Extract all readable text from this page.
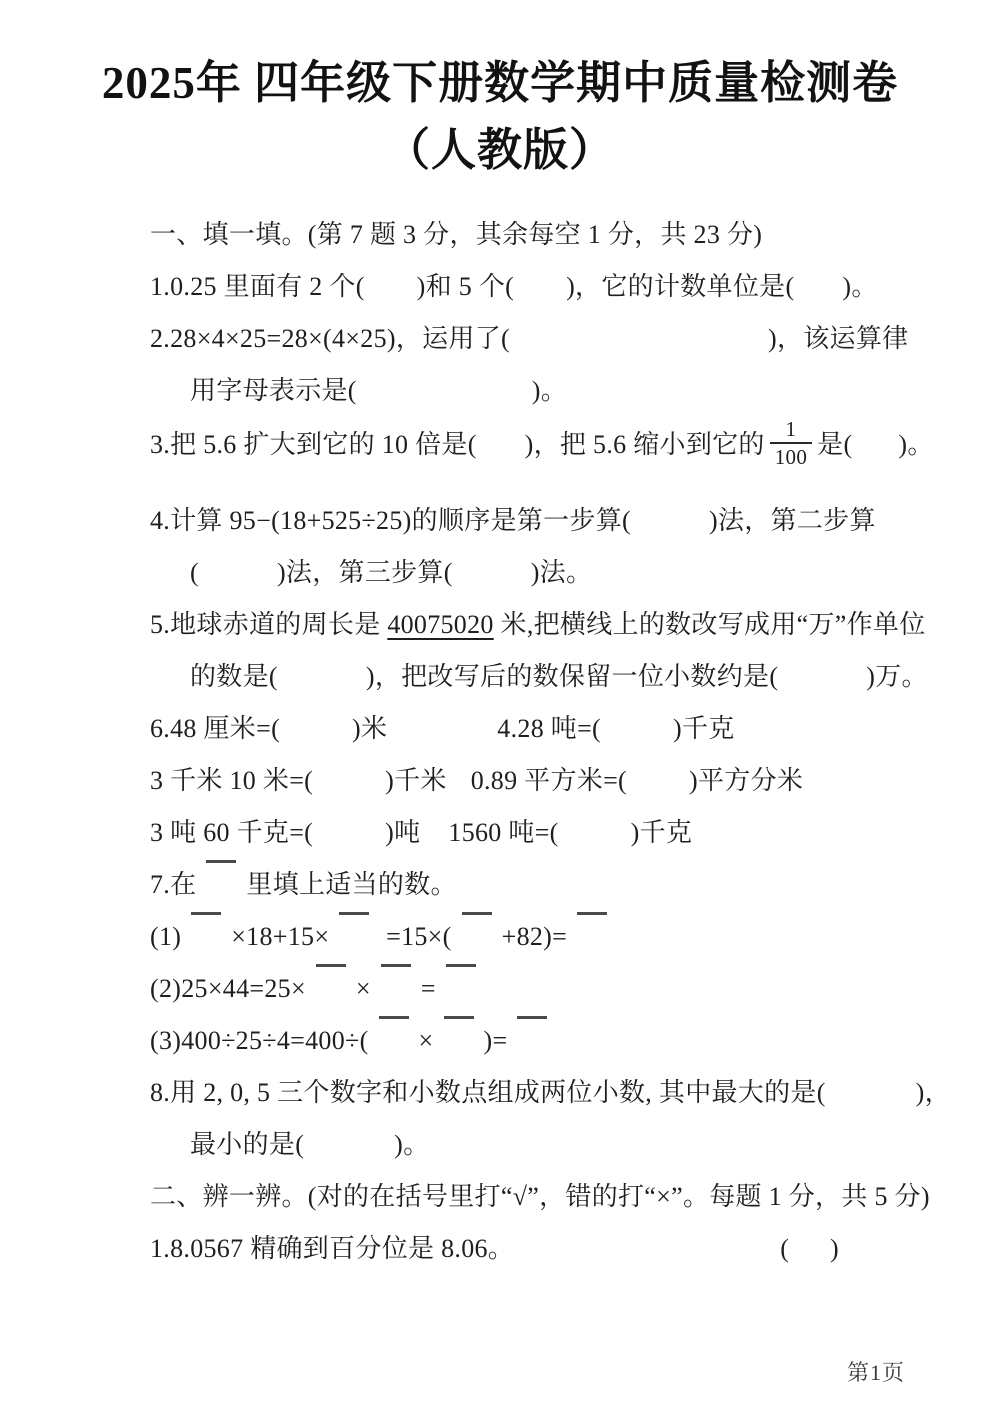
2025年 四年级下册数学期中质量检测卷
（人教版）
一、填一填。(第 7 题 3 分，其余每空 1 分，共 23 分)
1.0.25 里面有 2 个( )和 5 个( )，它的计数单位是( )。
2.28×4×25=28×(4×25)，运用了(	)，该运算律
用字母表示是(	)。
3.把 5.6 扩大到它的 10 倍是( )，把 5.6 缩小到它的 $\frac{1}{100}$ 是( )。
4.计算 95−(18+525÷25)的顺序是第一步算(	)法，第二步算
(	)法，第三步算(	)法。
5.地球赤道的周长是 40075020 米,把横线上的数改写成用“万”作单位
的数是(	)，把改写后的数保留一位小数约是(	)万。
6.48 厘米=(	)米	4.28 吨=(	)千克
3 千米 10 米=(	)千米 0.89 平方米=( )平方分米
3 吨 60 千克=(	)吨 1560 吨=(	)千克
7.在 里填上适当的数。
(1) ×18+15× =15×( +82)=
(2)25×44=25× × =
(3)400÷25÷4=400÷( × )=
8.用 2, 0, 5 三个数字和小数点组成两位小数, 其中最大的是(	)，
最小的是(	)。
二、辨一辨。(对的在括号里打“√”，错的打“×”。每题 1 分，共 5 分)
1.8.0567 精确到百分位是 8.06。	(      )
第1页
